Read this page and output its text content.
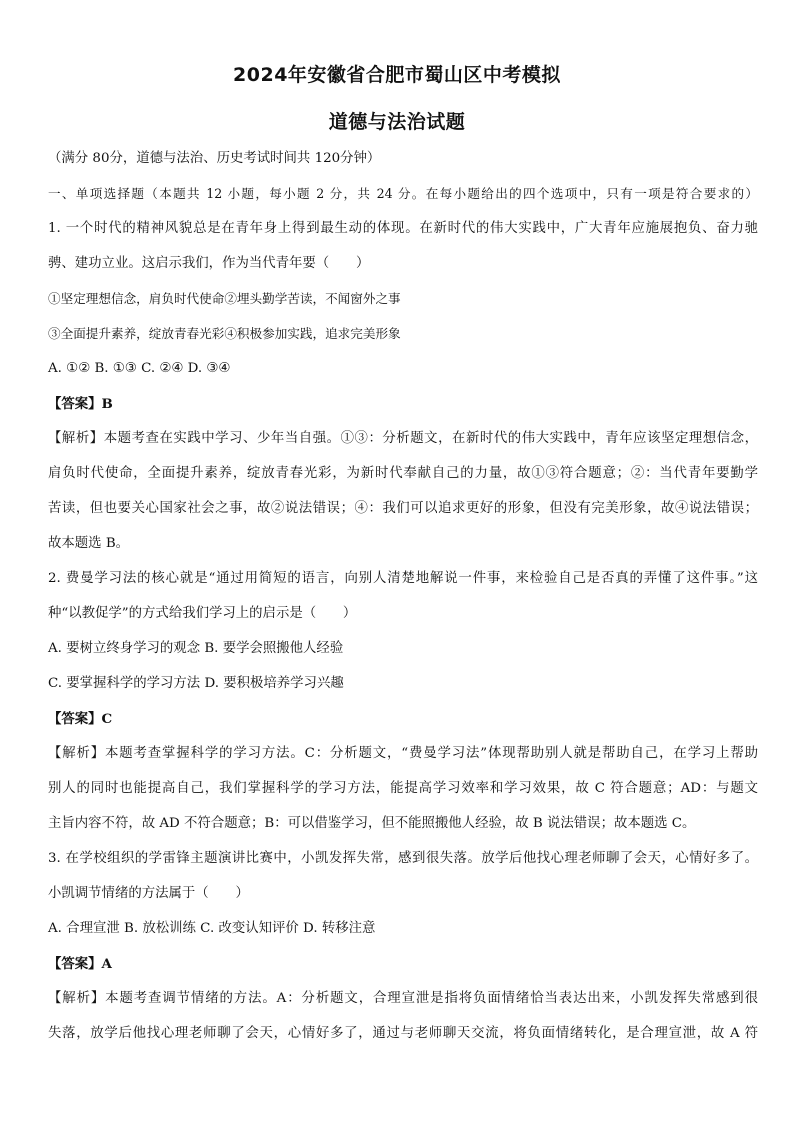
2024年安徽省合肥市蜀山区中考模拟
道德与法治试题
（满分 80分，道德与法治、历史考试时间共 120分钟）
一、单项选择题（本题共 12 小题，每小题 2 分，共 24 分。在每小题给出的四个选项中，只有一项是符合要求的）
1. 一个时代的精神风貌总是在青年身上得到最生动的体现。在新时代的伟大实践中，广大青年应施展抱负、奋力驰
骋、建功立业。这启示我们，作为当代青年要（　　）
①坚定理想信念，肩负时代使命②埋头勤学苦读，不闻窗外之事
③全面提升素养，绽放青春光彩④积极参加实践，追求完美形象
A. ①② B. ①③ C. ②④ D. ③④
【答案】B
【解析】本题考查在实践中学习、少年当自强。①③：分析题文，在新时代的伟大实践中，青年应该坚定理想信念，
肩负时代使命，全面提升素养，绽放青春光彩，为新时代奉献自己的力量，故①③符合题意；②：当代青年要勤学
苦读，但也要关心国家社会之事，故②说法错误；④：我们可以追求更好的形象，但没有完美形象，故④说法错误；
故本题选 B。
2. 费曼学习法的核心就是“通过用简短的语言，向别人清楚地解说一件事，来检验自己是否真的弄懂了这件事。”这
种“以教促学”的方式给我们学习上的启示是（　　）
A. 要树立终身学习的观念 B. 要学会照搬他人经验
C. 要掌握科学的学习方法 D. 要积极培养学习兴趣
【答案】C
【解析】本题考查掌握科学的学习方法。C：分析题文，“费曼学习法”体现帮助别人就是帮助自己，在学习上帮助
别人的同时也能提高自己，我们掌握科学的学习方法，能提高学习效率和学习效果，故 C 符合题意；AD：与题文
主旨内容不符，故 AD 不符合题意；B：可以借鉴学习，但不能照搬他人经验，故 B 说法错误；故本题选 C。
3. 在学校组织的学雷锋主题演讲比赛中，小凯发挥失常，感到很失落。放学后他找心理老师聊了会天，心情好多了。
小凯调节情绪的方法属于（　　）
A. 合理宣泄 B. 放松训练 C. 改变认知评价 D. 转移注意
【答案】A
【解析】本题考查调节情绪的方法。A：分析题文，合理宣泄是指将负面情绪恰当表达出来，小凯发挥失常感到很
失落，放学后他找心理老师聊了会天，心情好多了，通过与老师聊天交流，将负面情绪转化，是合理宣泄，故 A 符
